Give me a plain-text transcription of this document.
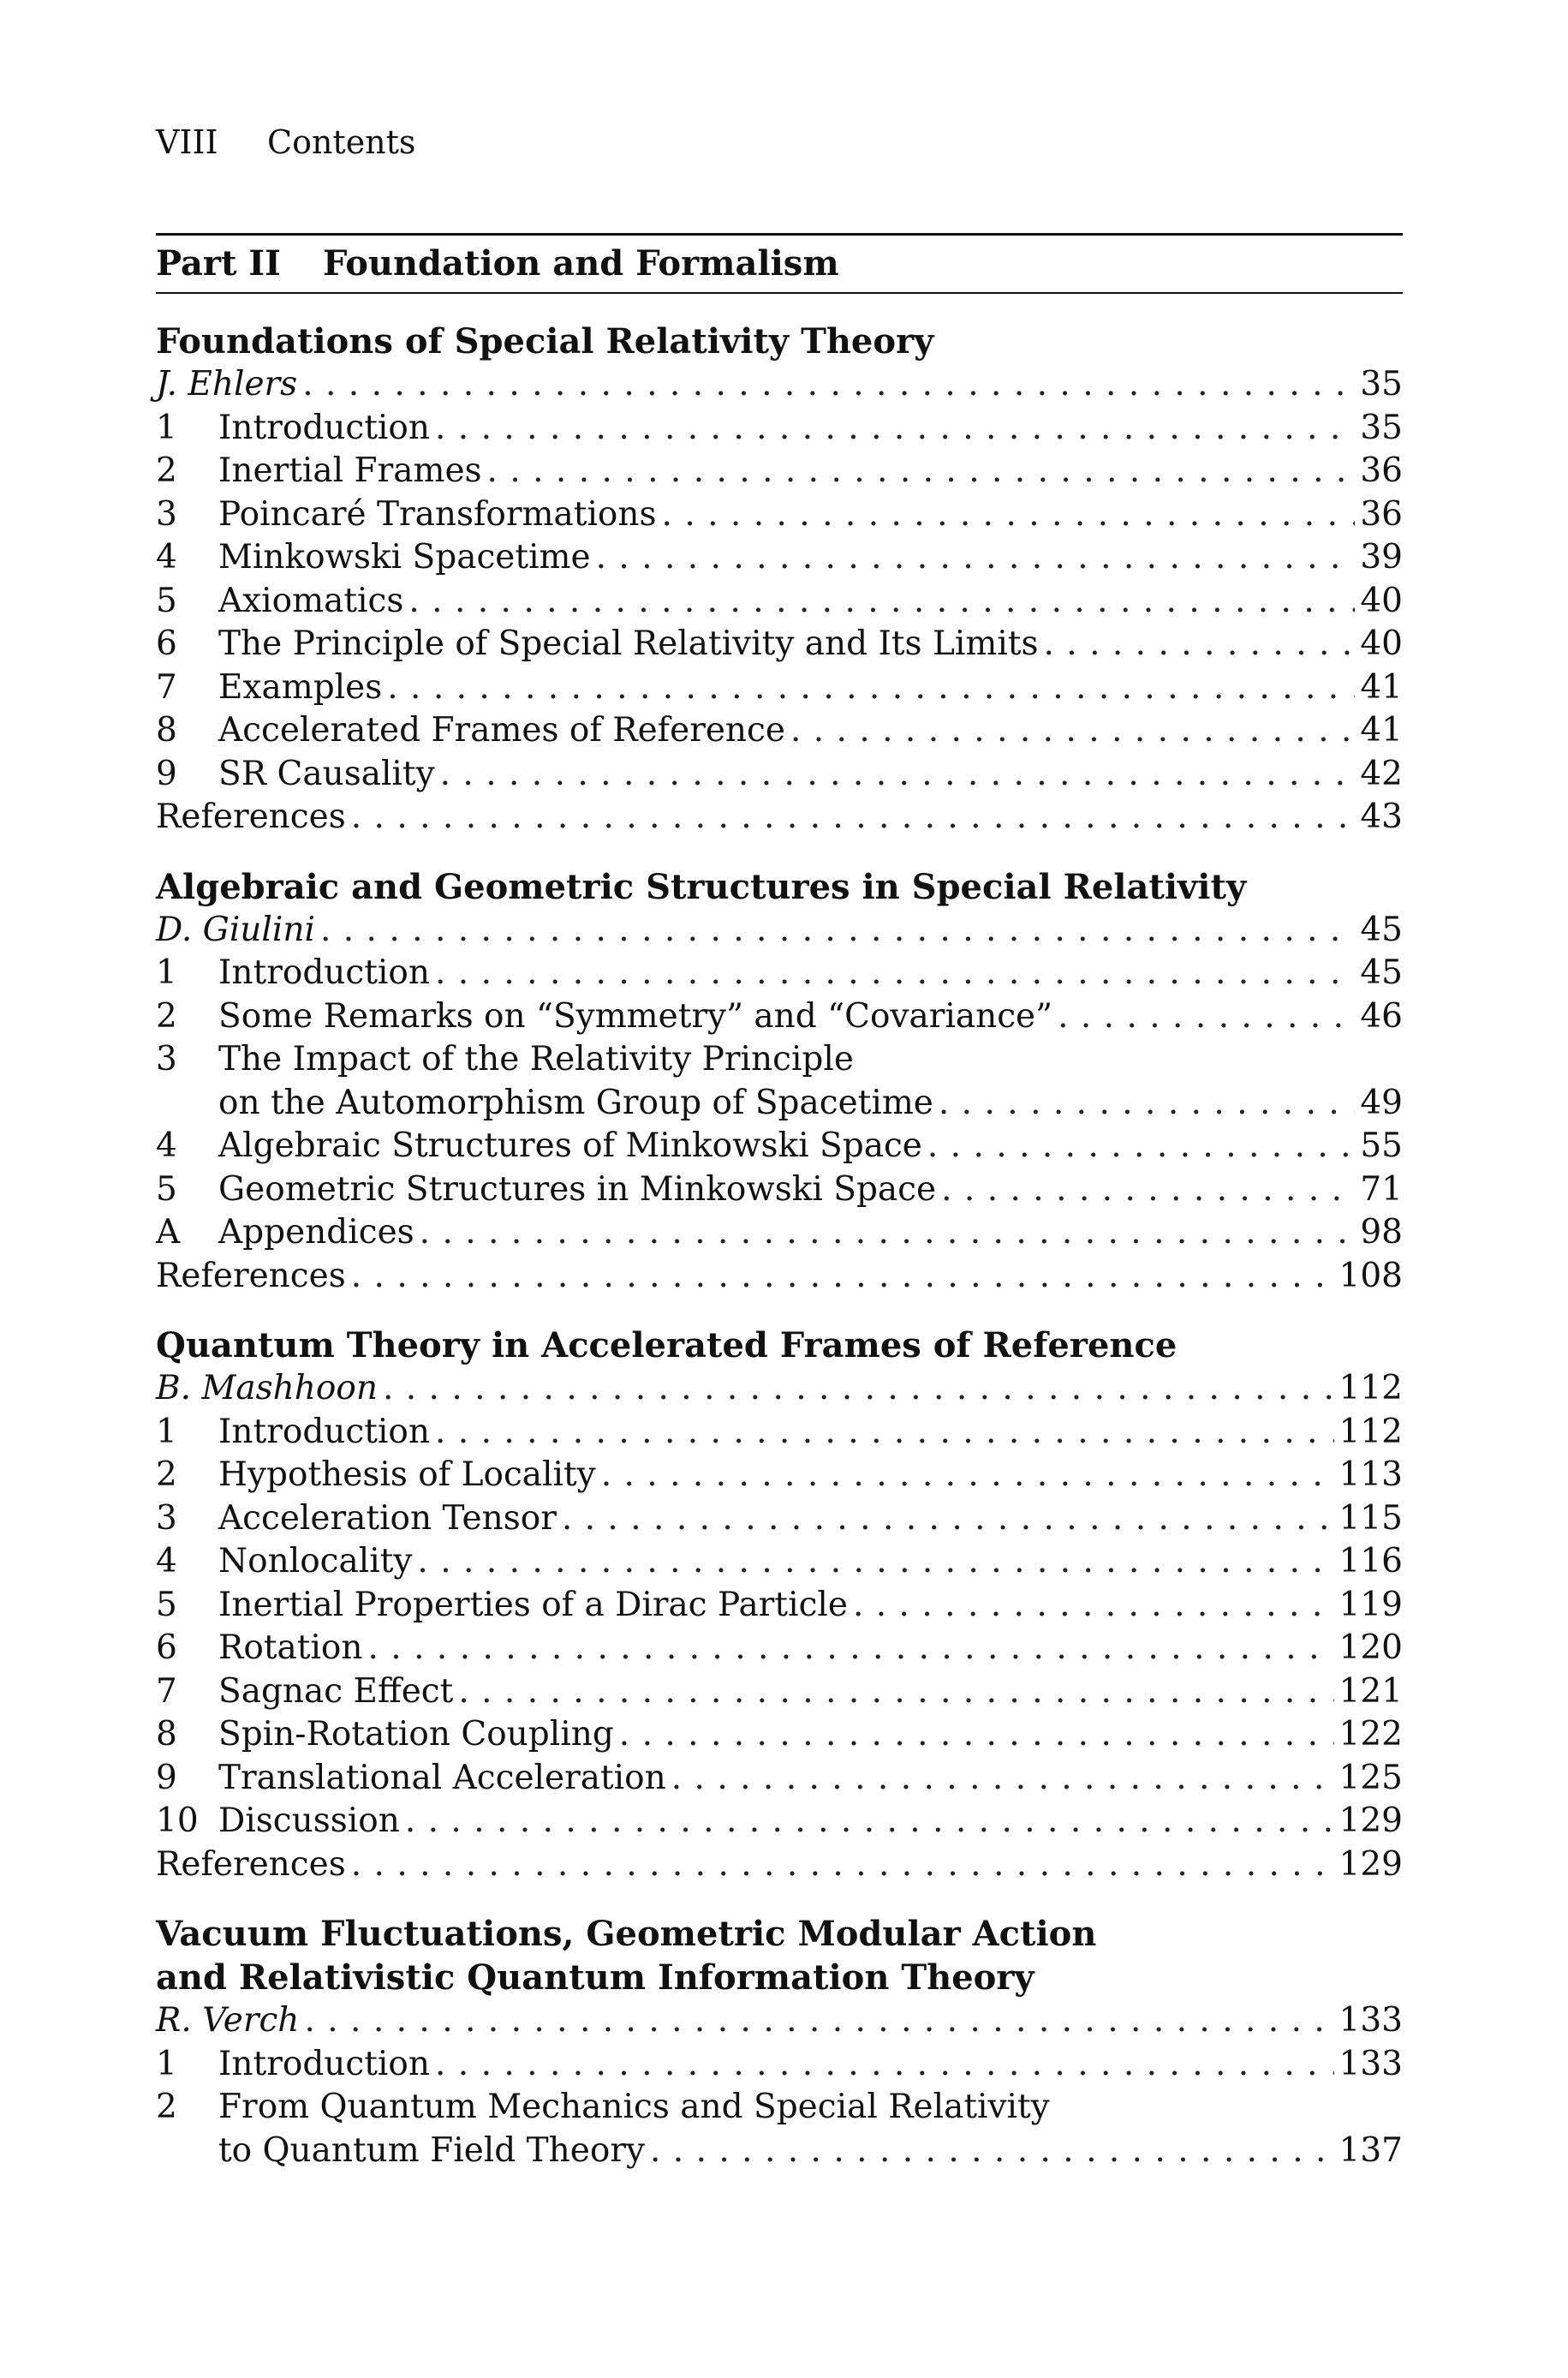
VIII Contents
Part II Foundation and Formalism
Foundations of Special Relativity Theory
J. Ehlers . . .	35
1	Introduction . . .	35
2	Inertial Frames . . .	36
3	Poincaré Transformations . . .	36
4	Minkowski Spacetime . . .	39
5	Axiomatics . . .	40
6	The Principle of Special Relativity and Its Limits . . .	40
7	Examples . . .	41
8	Accelerated Frames of Reference . . .	41
9	SR Causality . . .	42
References . . .	43
Algebraic and Geometric Structures in Special Relativity
D. Giulini . . .	45
1	Introduction . . .	45
2	Some Remarks on “Symmetry” and “Covariance” . . .	46
3	The Impact of the Relativity Principle
on the Automorphism Group of Spacetime . . .	49
4	Algebraic Structures of Minkowski Space . . .	55
5	Geometric Structures in Minkowski Space . . .	71
A	Appendices . . .	98
References . . .	108
Quantum Theory in Accelerated Frames of Reference
B. Mashhoon . . .	112
1	Introduction . . .	112
2	Hypothesis of Locality . . .	113
3	Acceleration Tensor . . .	115
4	Nonlocality . . .	116
5	Inertial Properties of a Dirac Particle . . .	119
6	Rotation . . .	120
7	Sagnac Effect . . .	121
8	Spin-Rotation Coupling . . .	122
9	Translational Acceleration . . .	125
10 Discussion . . .	129
References . . .	129
Vacuum Fluctuations, Geometric Modular Action
and Relativistic Quantum Information Theory
R. Verch . . .	133
1	Introduction . . .	133
2	From Quantum Mechanics and Special Relativity
to Quantum Field Theory . . .	137
